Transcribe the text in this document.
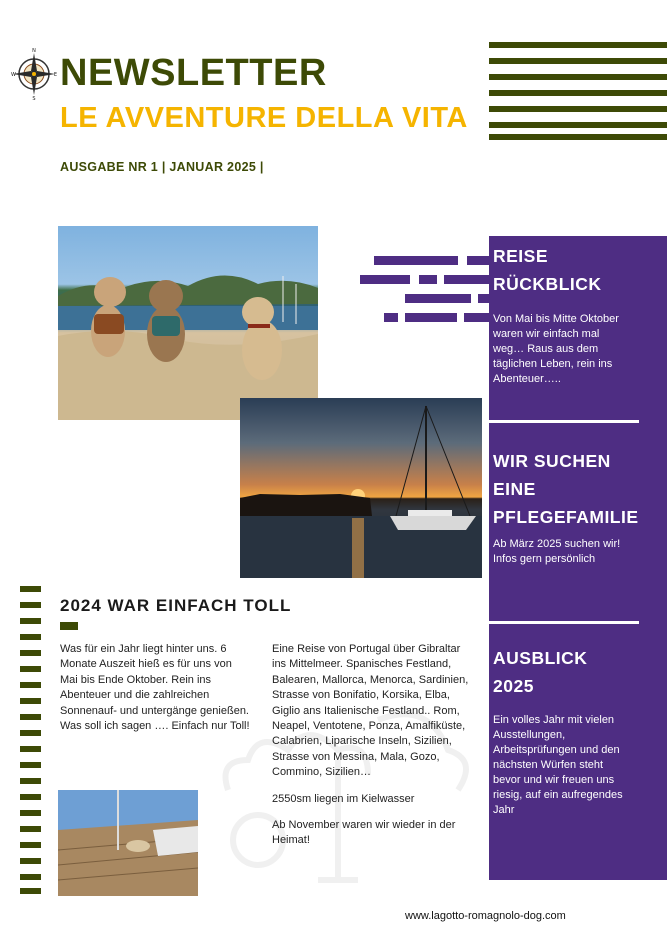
N
E
S
W NEWSLETTER
LE AVVENTURE DELLA VITA
AUSGABE NR 1 | JANUAR 2025 |
REISE
RÜCKBLICK
Von Mai bis Mitte Oktober waren wir einfach mal weg… Raus aus dem täglichen Leben, rein ins Abenteuer…..
WIR SUCHEN
EINE
PFLEGEFAMILIE
Ab März 2025 suchen wir! Infos gern persönlich
AUSBLICK
2025
Ein volles Jahr mit vielen Ausstellungen, Arbeitsprüfungen und den nächsten Würfen steht bevor und wir freuen uns riesig, auf ein aufregendes Jahr
2024 WAR EINFACH TOLL
Was für ein Jahr liegt hinter uns. 6 Monate Auszeit hieß es für uns von Mai bis Ende Oktober. Rein ins Abenteuer und die zahlreichen Sonnenauf- und untergänge genießen. Was soll ich sagen …. Einfach nur Toll!
Eine Reise von Portugal über Gibraltar ins Mittelmeer. Spanisches Festland, Balearen, Mallorca, Menorca, Sardinien, Strasse von Bonifatio, Korsika, Elba, Giglio ans Italienische Festland.. Rom, Neapel, Ventotene, Ponza, Amalfiküste, Calabrien, Liparische Inseln, Sizilien, Strasse von Messina, Mala, Gozo, Commino, Sizilien…
2550sm liegen im Kielwasser
Ab November waren wir wieder in der Heimat!
www.lagotto-romagnolo-dog.com
